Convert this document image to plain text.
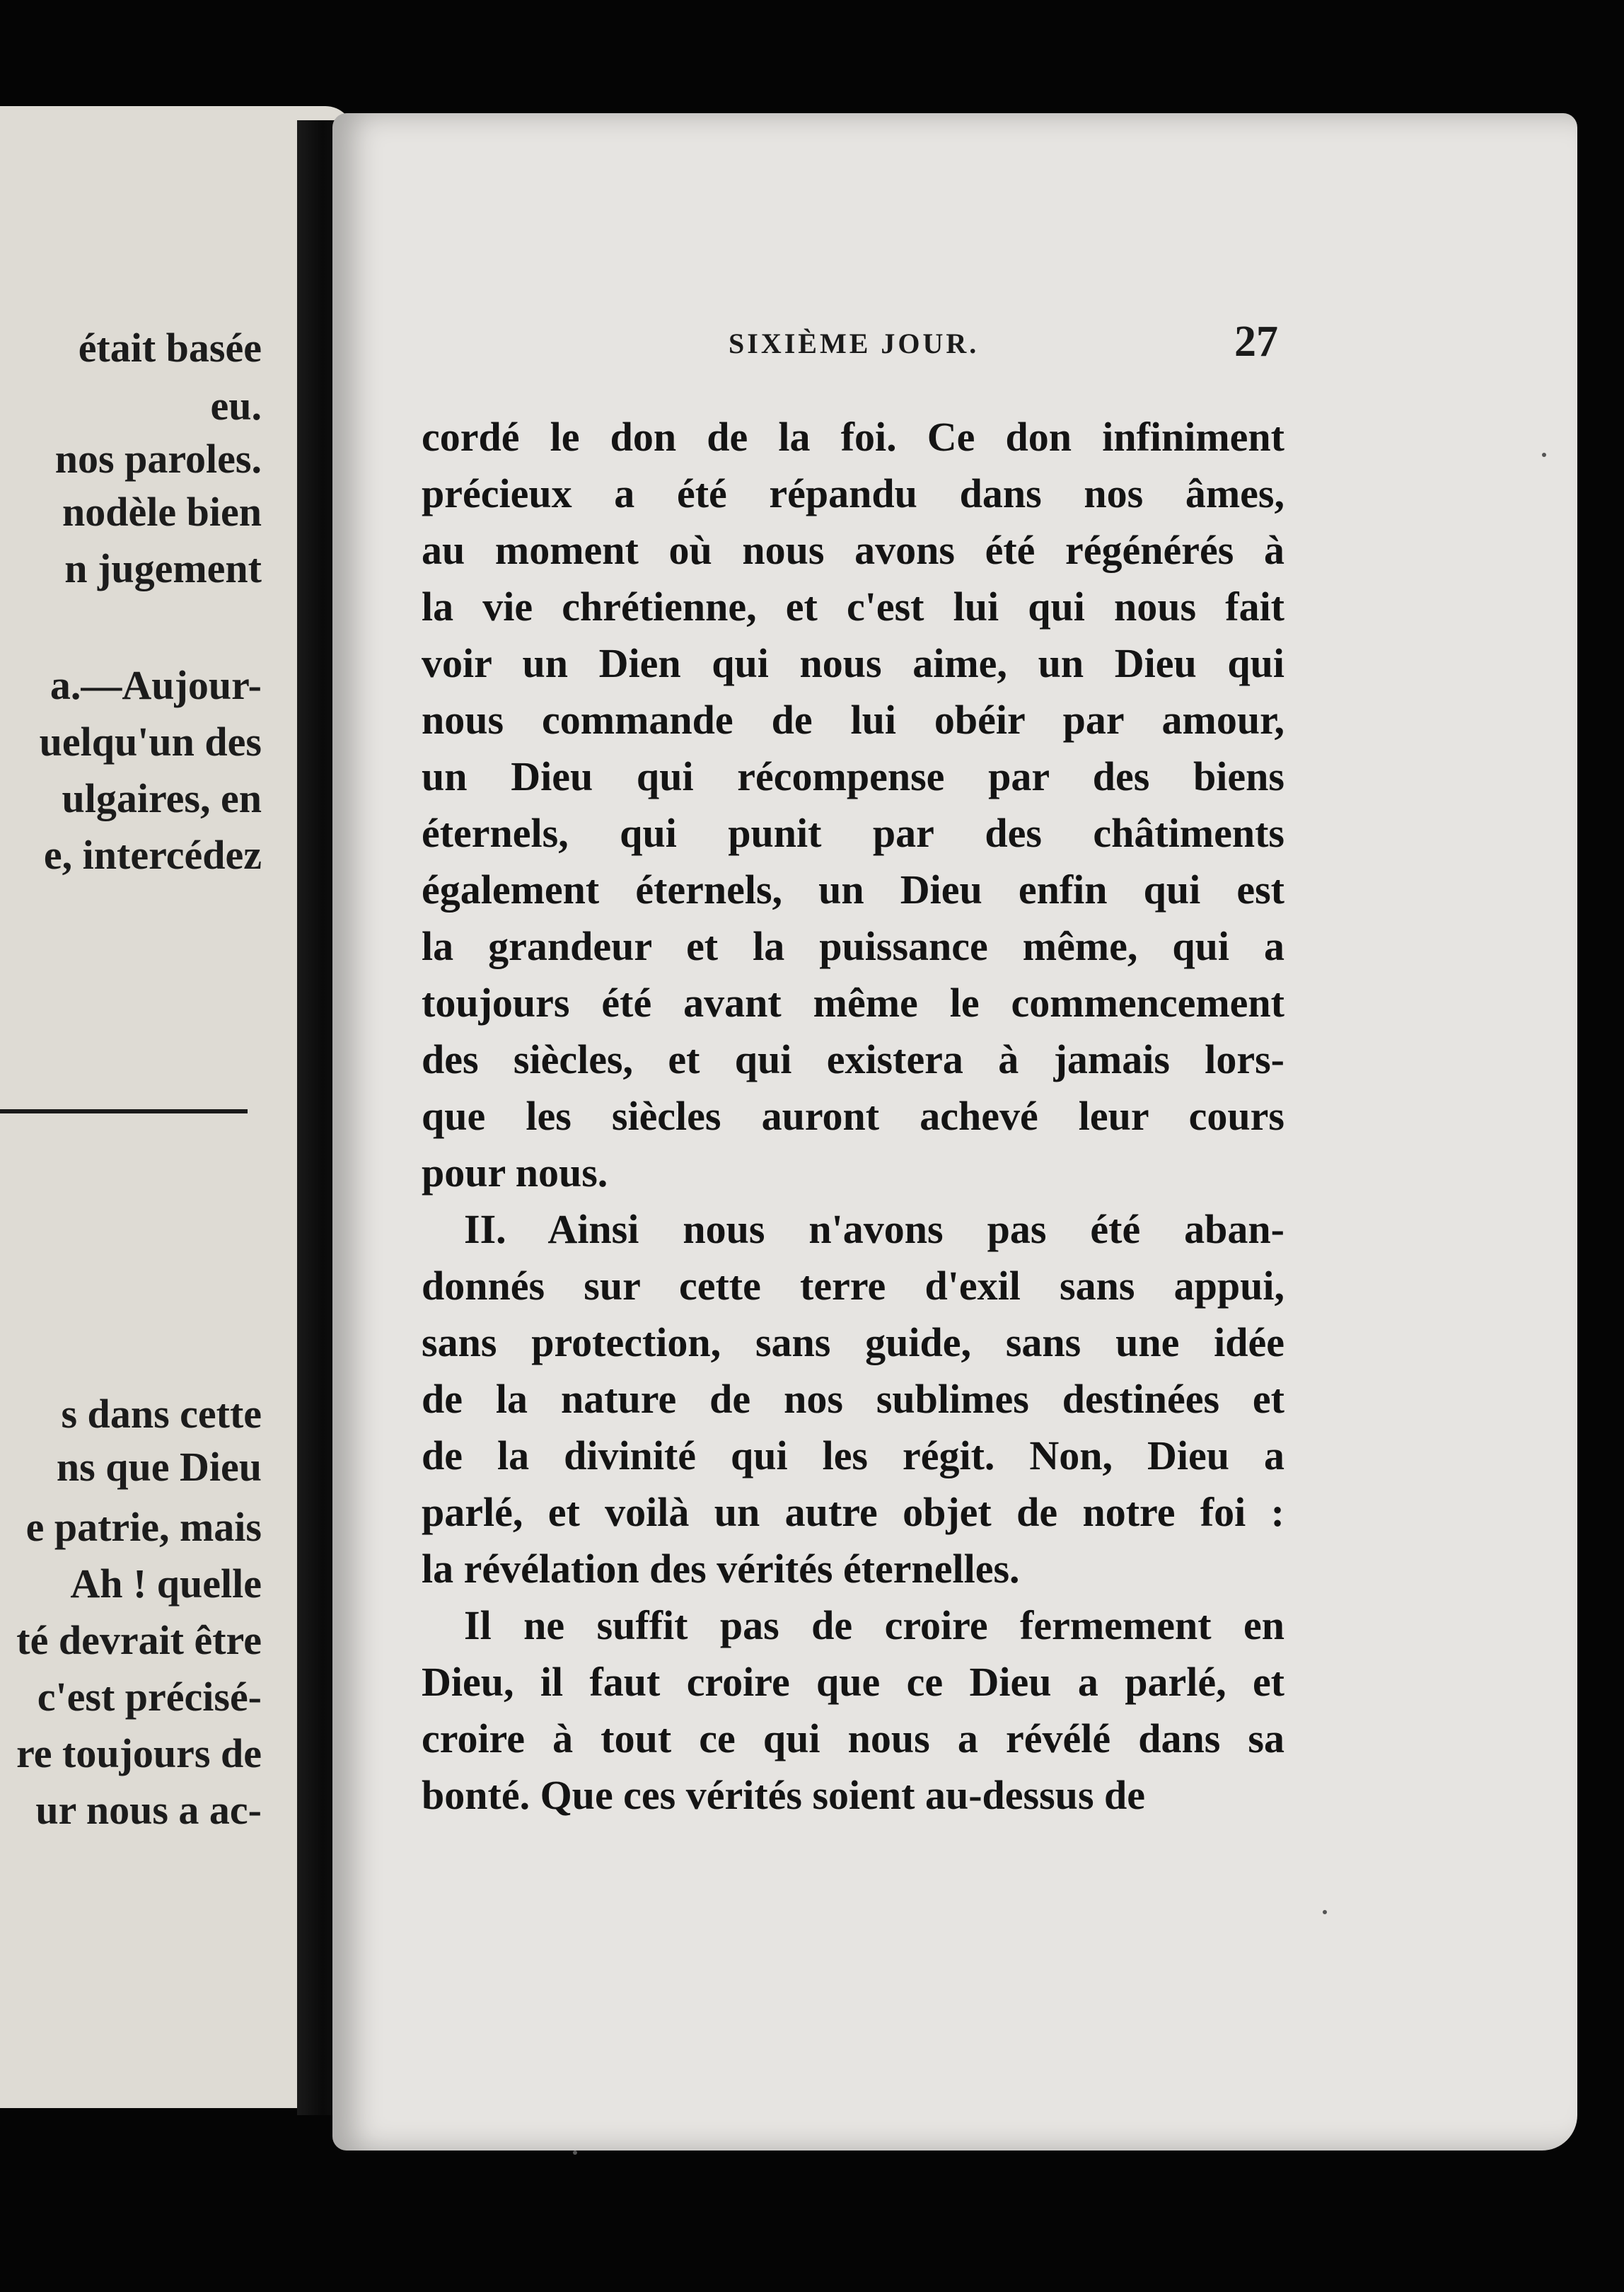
était basée
eu.
nos paroles.
nodèle bien
n jugement
a.—Aujour-
uelqu'un des
ulgaires, en
e, intercédez
s dans cette
ns que Dieu
e patrie, mais
Ah ! quelle
té devrait être
c'est précisé-
re toujours de
ur nous a ac-
SIXIÈME JOUR.	27
cordé le don de la foi. Ce don infiniment
précieux a été répandu dans nos âmes,
au moment où nous avons été régénérés à
la vie chrétienne, et c'est lui qui nous fait
voir un Dien qui nous aime, un Dieu qui
nous commande de lui obéir par amour,
un Dieu qui récompense par des biens
éternels, qui punit par des châtiments
également éternels, un Dieu enfin qui est
la grandeur et la puissance même, qui a
toujours été avant même le commencement
des siècles, et qui existera à jamais lors-
que les siècles auront achevé leur cours
pour nous.
II. Ainsi nous n'avons pas été aban-
donnés sur cette terre d'exil sans appui,
sans protection, sans guide, sans une idée
de la nature de nos sublimes destinées et
de la divinité qui les régit. Non, Dieu a
parlé, et voilà un autre objet de notre foi :
la révélation des vérités éternelles.
Il ne suffit pas de croire fermement en
Dieu, il faut croire que ce Dieu a parlé, et
croire à tout ce qui nous a révélé dans sa
bonté. Que ces vérités soient au-dessus de
